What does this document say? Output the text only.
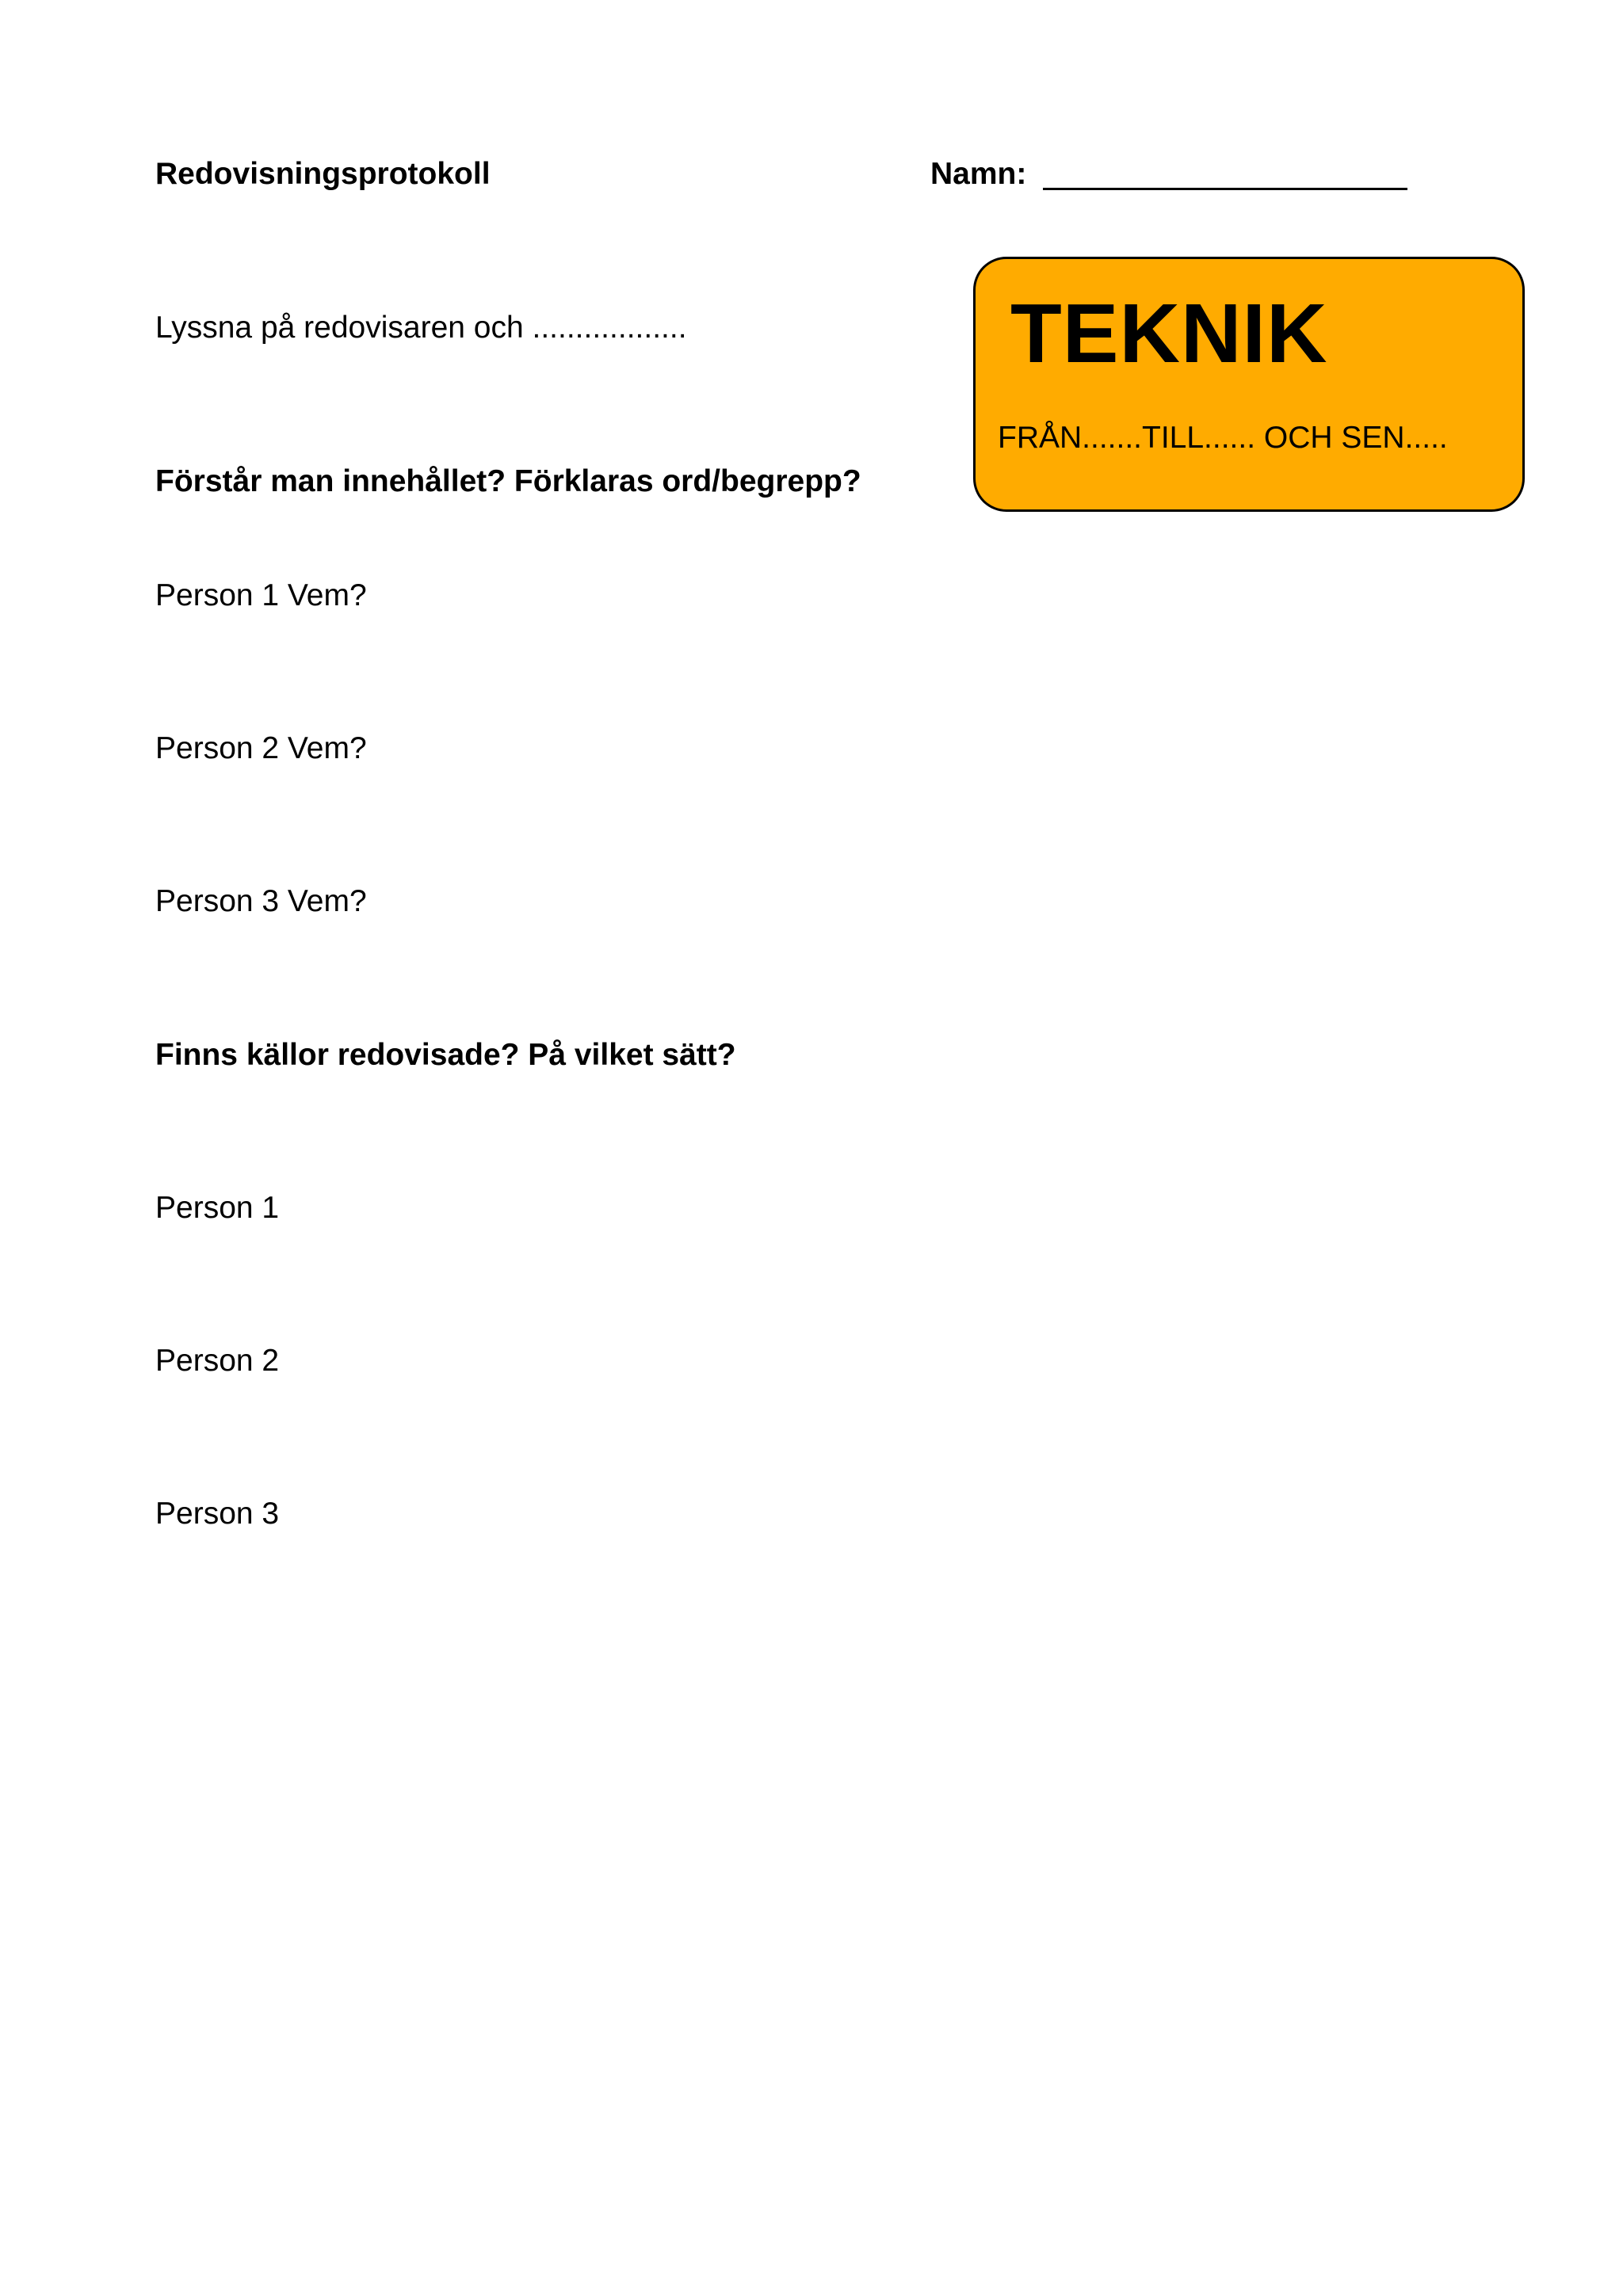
Redovisningsprotokoll	Namn:

TEKNIK
FRÅN.......TILL...... OCH SEN.....

Lyssna på redovisaren och ..................

Förstår man innehållet? Förklaras ord/begrepp?

Person 1 Vem?

Person 2 Vem?

Person 3 Vem?

Finns källor redovisade? På vilket sätt?

Person 1

Person 2

Person 3
